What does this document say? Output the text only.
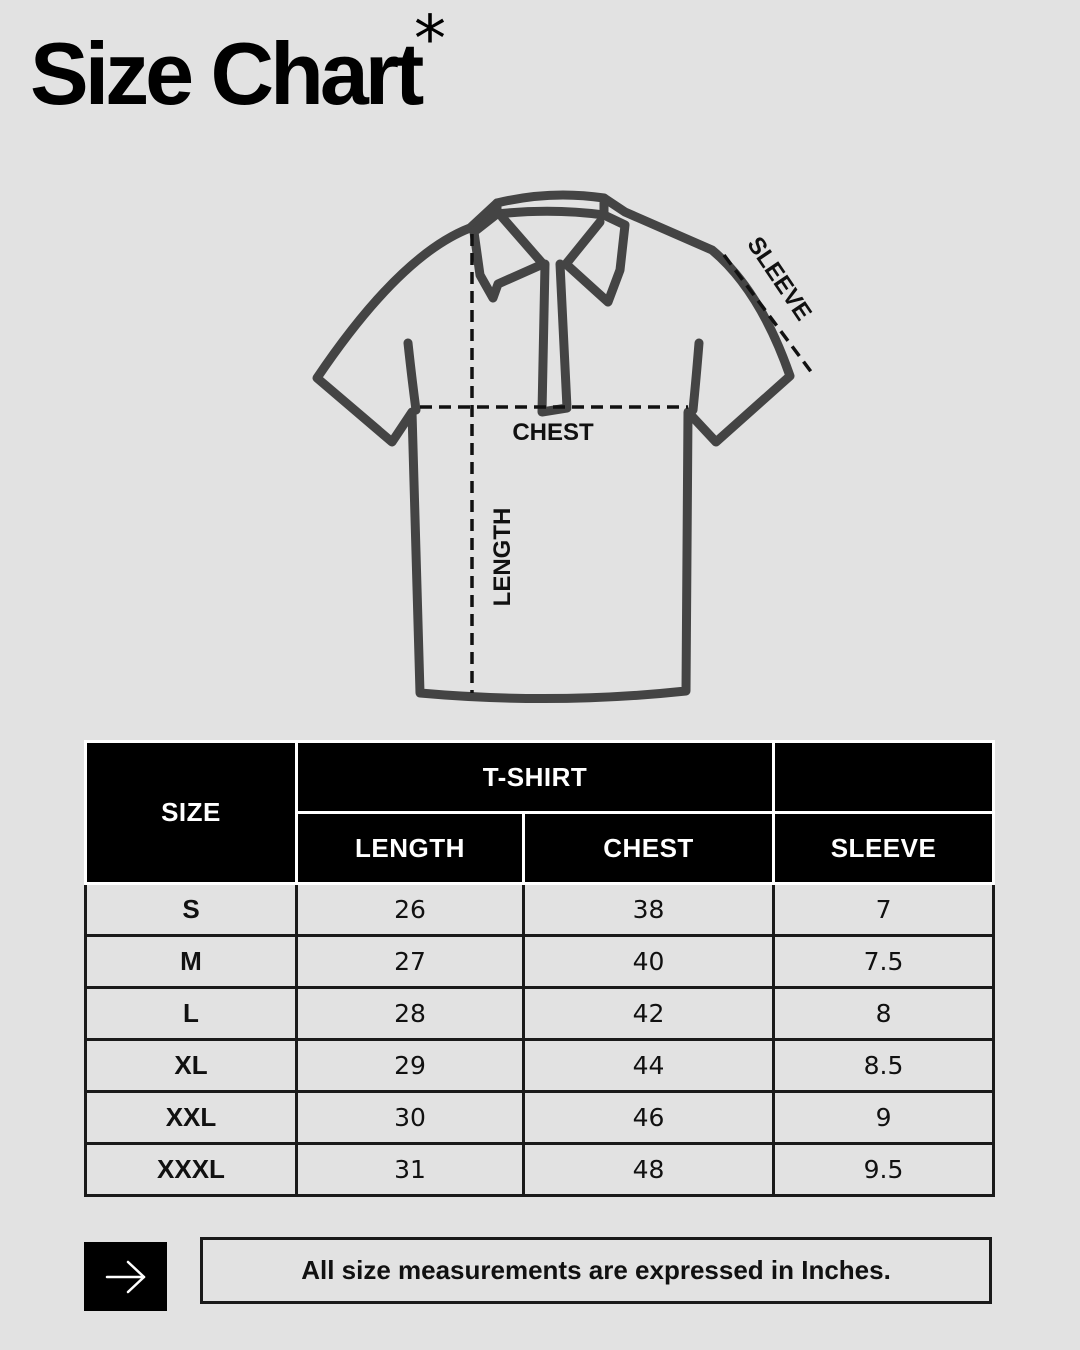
Size Chart
*
CHEST
LENGTH
SLEEVE
SIZE	T-SHIRT		
	LENGTH	CHEST	SLEEVE
S	26	38	7
M	27	40	7.5
L	28	42	8
XL	29	44	8.5
XXL	30	46	9
XXXL	31	48	9.5
All size measurements are expressed in Inches.
